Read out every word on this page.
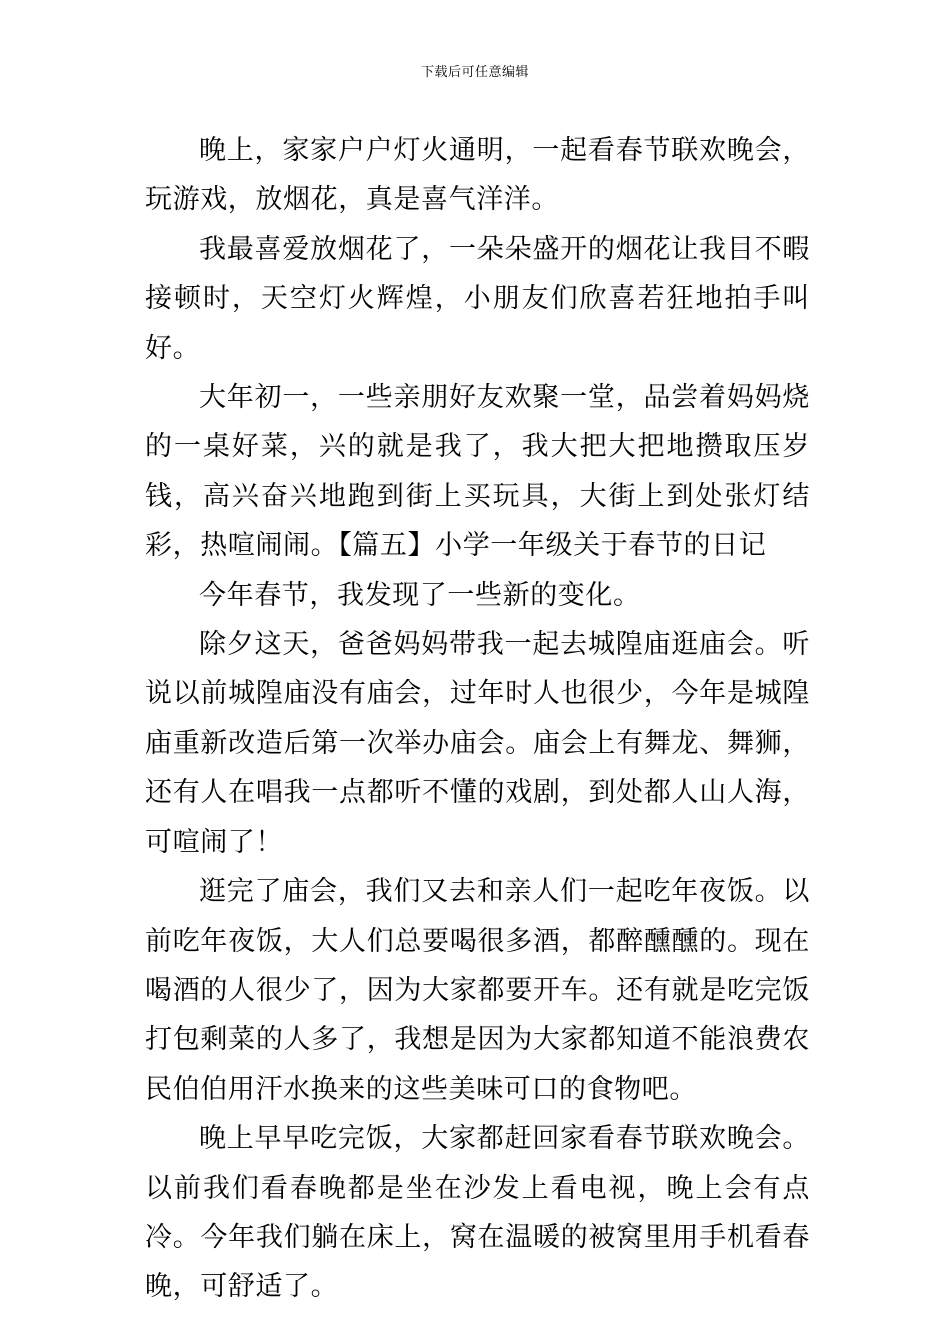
下载后可任意编辑

晚上，家家户户灯火通明，一起看春节联欢晚会，玩游戏，放烟花，真是喜气洋洋。

我最喜爱放烟花了，一朵朵盛开的烟花让我目不暇接顿时，天空灯火辉煌，小朋友们欣喜若狂地拍手叫好。

大年初一，一些亲朋好友欢聚一堂，品尝着妈妈烧的一桌好菜，兴的就是我了，我大把大把地攒取压岁钱，高兴奋兴地跑到街上买玩具，大街上到处张灯结彩，热喧闹闹。【篇五】小学一年级关于春节的日记

今年春节，我发现了一些新的变化。

除夕这天，爸爸妈妈带我一起去城隍庙逛庙会。听说以前城隍庙没有庙会，过年时人也很少，今年是城隍庙重新改造后第一次举办庙会。庙会上有舞龙、舞狮，还有人在唱我一点都听不懂的戏剧，到处都人山人海，可喧闹了！

逛完了庙会，我们又去和亲人们一起吃年夜饭。以前吃年夜饭，大人们总要喝很多酒，都醉醺醺的。现在喝酒的人很少了，因为大家都要开车。还有就是吃完饭打包剩菜的人多了，我想是因为大家都知道不能浪费农民伯伯用汗水换来的这些美味可口的食物吧。

晚上早早吃完饭，大家都赶回家看春节联欢晚会。以前我们看春晚都是坐在沙发上看电视，晚上会有点冷。今年我们躺在床上，窝在温暖的被窝里用手机看春晚，可舒适了。
